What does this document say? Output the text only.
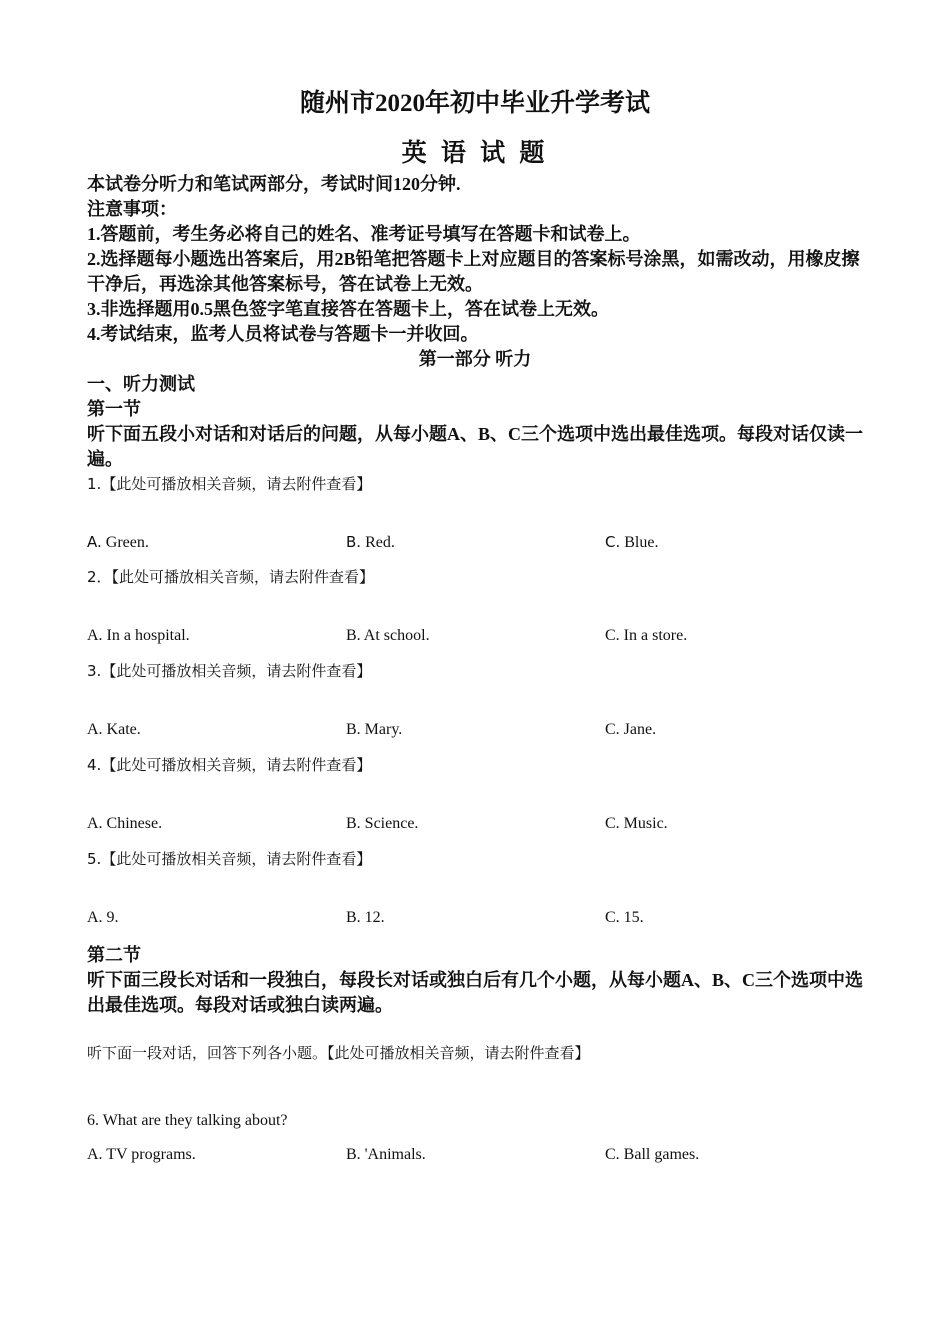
随州市2020年初中毕业升学考试
英 语 试 题
本试卷分听力和笔试两部分，考试时间120分钟.
注意事项：
1.答题前，考生务必将自己的姓名、准考证号填写在答题卡和试卷上。
2.选择题每小题选出答案后，用2B铅笔把答题卡上对应题目的答案标号涂黑，如需改动，用橡皮擦干净后，再选涂其他答案标号，答在试卷上无效。
3.非选择题用0.5黑色签字笔直接答在答题卡上，答在试卷上无效。
4.考试结束，监考人员将试卷与答题卡一并收回。
第一部分 听力
一、听力测试
第一节
听下面五段小对话和对话后的问题，从每小题A、B、C三个选项中选出最佳选项。每段对话仅读一遍。
1.【此处可播放相关音频，请去附件查看】
A. Green.	B. Red.	C. Blue.
2．【此处可播放相关音频，请去附件查看】
A. In a hospital.	B. At school.	C. In a store.
3.【此处可播放相关音频，请去附件查看】
A. Kate.	B. Mary.	C. Jane.
4.【此处可播放相关音频，请去附件查看】
A. Chinese.	B. Science.	C. Music.
5.【此处可播放相关音频，请去附件查看】
A. 9.	B. 12.	C. 15.
第二节
听下面三段长对话和一段独白，每段长对话或独白后有几个小题，从每小题A、B、C三个选项中选出最佳选项。每段对话或独白读两遍。
听下面一段对话，回答下列各小题。【此处可播放相关音频，请去附件查看】
6. What are they talking about?
A. TV programs.	B. 'Animals.	C. Ball games.
